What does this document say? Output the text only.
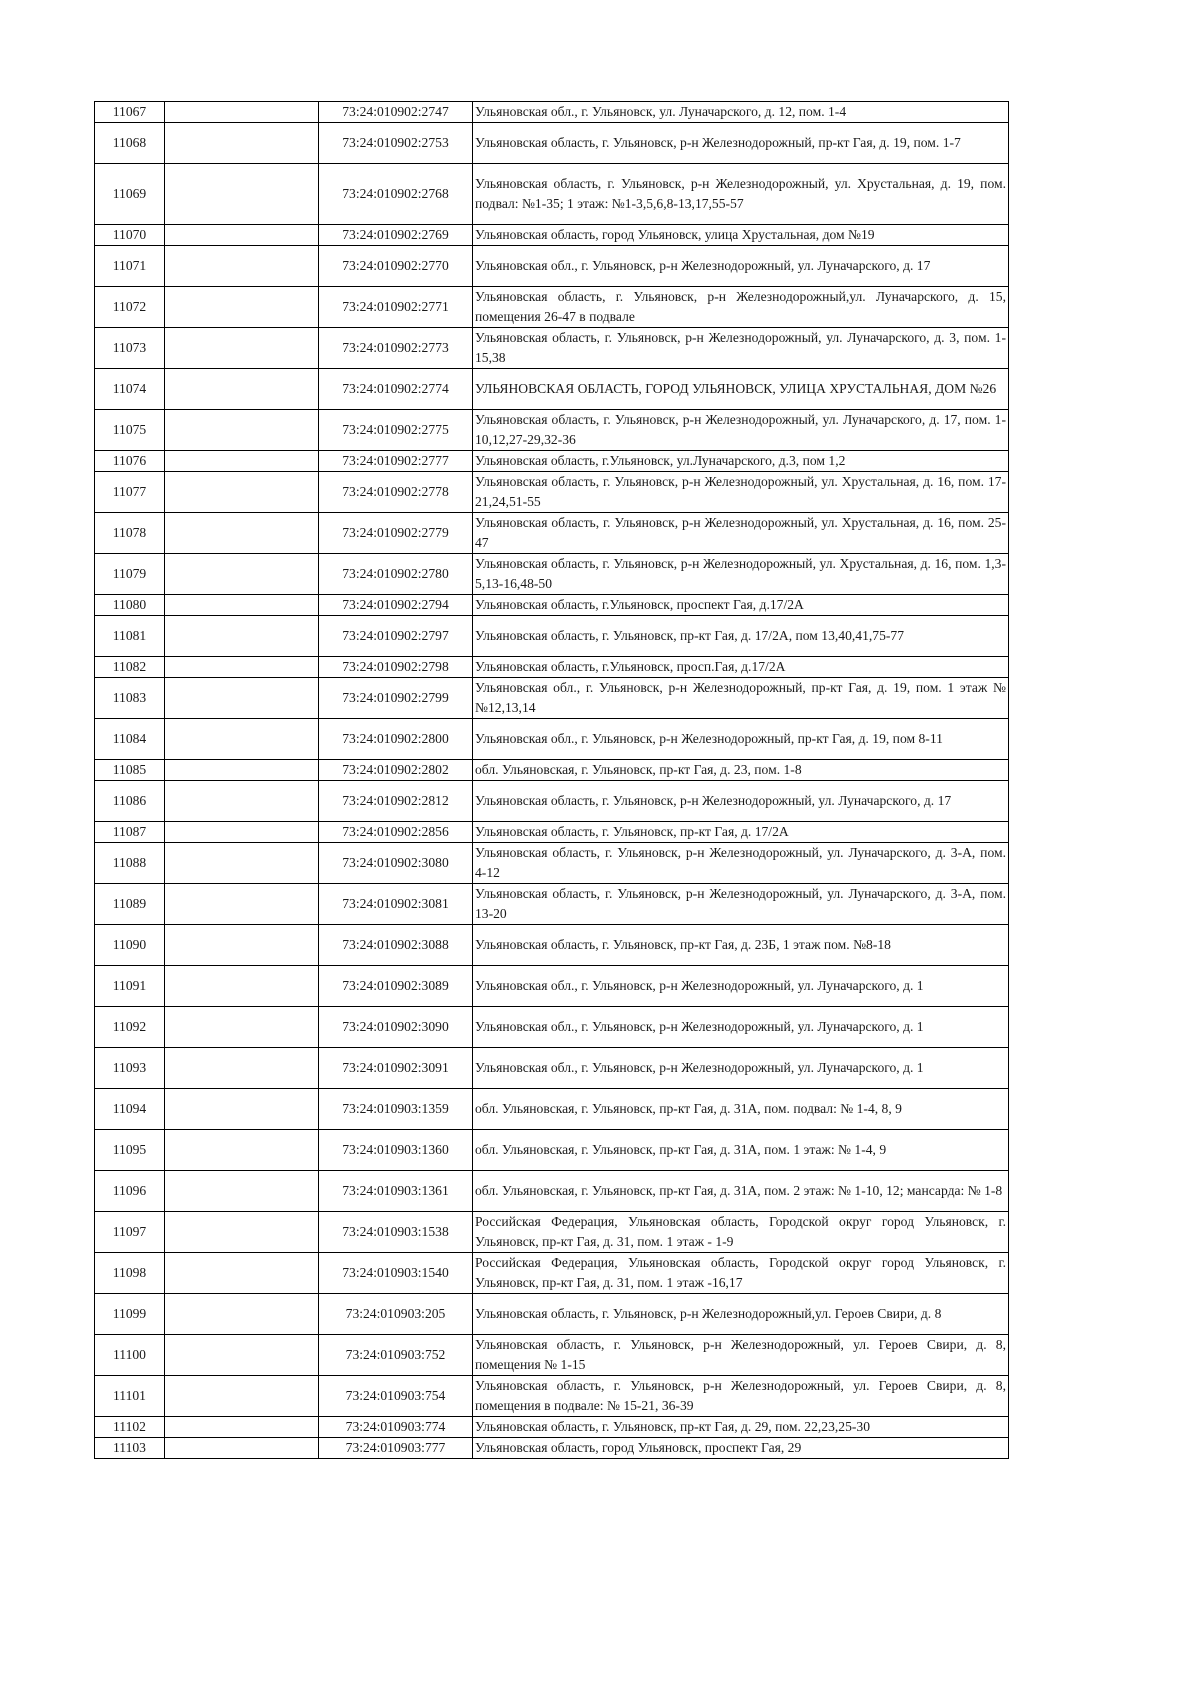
11067		73:24:010902:2747	Ульяновская обл., г. Ульяновск, ул. Луначарского, д. 12, пом. 1-4
11068		73:24:010902:2753	Ульяновская область, г. Ульяновск, р-н Железнодорожный, пр-кт Гая, д. 19, пом. 1-7
11069		73:24:010902:2768	Ульяновская область, г. Ульяновск, р-н Железнодорожный, ул. Хрустальная, д. 19, пом. подвал: №1-35; 1 этаж: №1-3,5,6,8-13,17,55-57
11070		73:24:010902:2769	Ульяновская область, город Ульяновск, улица Хрустальная, дом №19
11071		73:24:010902:2770	Ульяновская обл., г. Ульяновск, р-н Железнодорожный, ул. Луначарского, д. 17
11072		73:24:010902:2771	Ульяновская область, г. Ульяновск, р-н Железнодорожный,ул. Луначарского, д. 15, помещения 26-47 в подвале
11073		73:24:010902:2773	Ульяновская область, г. Ульяновск, р-н Железнодорожный, ул. Луначарского, д. 3, пом. 1-15,38
11074		73:24:010902:2774	УЛЬЯНОВСКАЯ ОБЛАСТЬ, ГОРОД УЛЬЯНОВСК, УЛИЦА ХРУСТАЛЬНАЯ, ДОМ №26
11075		73:24:010902:2775	Ульяновская область, г. Ульяновск, р-н Железнодорожный, ул. Луначарского, д. 17, пом. 1-10,12,27-29,32-36
11076		73:24:010902:2777	Ульяновская область, г.Ульяновск, ул.Луначарского, д.3, пом 1,2
11077		73:24:010902:2778	Ульяновская область, г. Ульяновск, р-н Железнодорожный, ул. Хрустальная, д. 16, пом. 17-21,24,51-55
11078		73:24:010902:2779	Ульяновская область, г. Ульяновск, р-н Железнодорожный, ул. Хрустальная, д. 16, пом. 25-47
11079		73:24:010902:2780	Ульяновская область, г. Ульяновск, р-н Железнодорожный, ул. Хрустальная, д. 16, пом. 1,3-5,13-16,48-50
11080		73:24:010902:2794	Ульяновская область, г.Ульяновск, проспект Гая, д.17/2А
11081		73:24:010902:2797	Ульяновская область, г. Ульяновск, пр-кт Гая, д. 17/2А, пом 13,40,41,75-77
11082		73:24:010902:2798	Ульяновская область, г.Ульяновск, просп.Гая, д.17/2А
11083		73:24:010902:2799	Ульяновская обл., г. Ульяновск, р-н Железнодорожный, пр-кт Гая, д. 19, пом. 1 этаж №№12,13,14
11084		73:24:010902:2800	Ульяновская обл., г. Ульяновск, р-н Железнодорожный, пр-кт Гая, д. 19, пом 8-11
11085		73:24:010902:2802	обл. Ульяновская, г. Ульяновск, пр-кт Гая, д. 23, пом. 1-8
11086		73:24:010902:2812	Ульяновская область, г. Ульяновск, р-н Железнодорожный, ул. Луначарского, д. 17
11087		73:24:010902:2856	Ульяновская область, г. Ульяновск, пр-кт Гая, д. 17/2А
11088		73:24:010902:3080	Ульяновская область, г. Ульяновск, р-н Железнодорожный, ул. Луначарского, д. 3-А, пом. 4-12
11089		73:24:010902:3081	Ульяновская область, г. Ульяновск, р-н Железнодорожный, ул. Луначарского, д. 3-А, пом. 13-20
11090		73:24:010902:3088	Ульяновская область, г. Ульяновск, пр-кт Гая, д. 23Б, 1 этаж пом. №8-18
11091		73:24:010902:3089	Ульяновская обл., г. Ульяновск, р-н Железнодорожный, ул. Луначарского, д. 1
11092		73:24:010902:3090	Ульяновская обл., г. Ульяновск, р-н Железнодорожный, ул. Луначарского, д. 1
11093		73:24:010902:3091	Ульяновская обл., г. Ульяновск, р-н Железнодорожный, ул. Луначарского, д. 1
11094		73:24:010903:1359	обл. Ульяновская, г. Ульяновск, пр-кт Гая, д. 31А, пом. подвал: № 1-4, 8, 9
11095		73:24:010903:1360	обл. Ульяновская, г. Ульяновск, пр-кт Гая, д. 31А, пом. 1 этаж: № 1-4, 9
11096		73:24:010903:1361	обл. Ульяновская, г. Ульяновск, пр-кт Гая, д. 31А, пом. 2 этаж: № 1-10, 12; мансарда: № 1-8
11097		73:24:010903:1538	Российская Федерация, Ульяновская область, Городской округ город Ульяновск, г. Ульяновск, пр-кт Гая, д. 31, пом. 1 этаж - 1-9
11098		73:24:010903:1540	Российская Федерация, Ульяновская область, Городской округ город Ульяновск, г. Ульяновск, пр-кт Гая, д. 31, пом. 1 этаж -16,17
11099		73:24:010903:205	Ульяновская область, г. Ульяновск, р-н Железнодорожный,ул. Героев Свири, д. 8
11100		73:24:010903:752	Ульяновская область, г. Ульяновск, р-н Железнодорожный, ул. Героев Свири, д. 8, помещения № 1-15
11101		73:24:010903:754	Ульяновская область, г. Ульяновск, р-н Железнодорожный, ул. Героев Свири, д. 8, помещения в подвале: № 15-21, 36-39
11102		73:24:010903:774	Ульяновская область, г. Ульяновск, пр-кт Гая, д. 29, пом. 22,23,25-30
11103		73:24:010903:777	Ульяновская область, город Ульяновск, проспект Гая, 29
